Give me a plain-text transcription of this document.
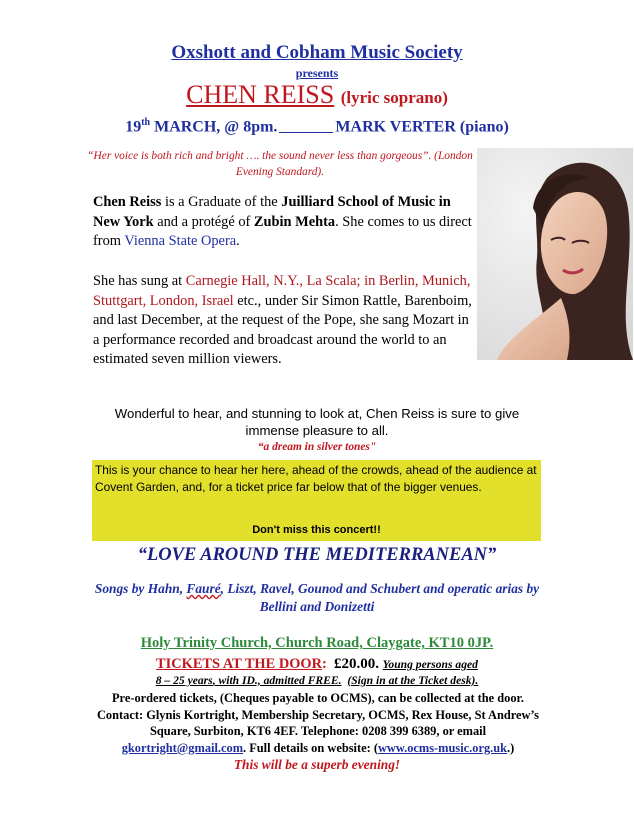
Oxshott and Cobham Music Society
presents
CHEN REISS (lyric soprano)
19th MARCH, @ 8pm.	MARK VERTER (piano)
“Her voice is both rich and bright …. the sound never less than gorgeous”. (London Evening Standard).
Chen Reiss is a Graduate of the Juilliard School of Music in New York and a protégé of Zubin Mehta. She comes to us direct from Vienna State Opera.
She has sung at Carnegie Hall, N.Y., La Scala; in Berlin, Munich, Stuttgart, London, Israel etc., under Sir Simon Rattle, Barenboim, and last December, at the request of the Pope, she sang Mozart in a performance recorded and broadcast around the world to an estimated seven million viewers.
Wonderful to hear, and stunning to look at, Chen Reiss is sure to give immense pleasure to all.
“a dream in silver tones"
This is your chance to hear her here, ahead of the crowds, ahead of the audience at Covent Garden, and, for a ticket price far below that of the bigger venues.
Don't miss this concert!!
“LOVE AROUND THE MEDITERRANEAN”
Songs by Hahn, Fauré, Liszt, Ravel, Gounod and Schubert and operatic arias by Bellini and Donizetti
Holy Trinity Church, Church Road, Claygate, KT10 0JP.
TICKETS AT THE DOOR: £20.00. Young persons aged
8 – 25 years, with ID., admitted FREE. (Sign in at the Ticket desk).
Pre-ordered tickets, (Cheques payable to OCMS), can be collected at the door. Contact: Glynis Kortright, Membership Secretary, OCMS, Rex House, St Andrew’s Square, Surbiton, KT6 4EF. Telephone: 0208 399 6389, or email gkortright@gmail.com. Full details on website: (www.ocms-music.org.uk.)
This will be a superb evening!
